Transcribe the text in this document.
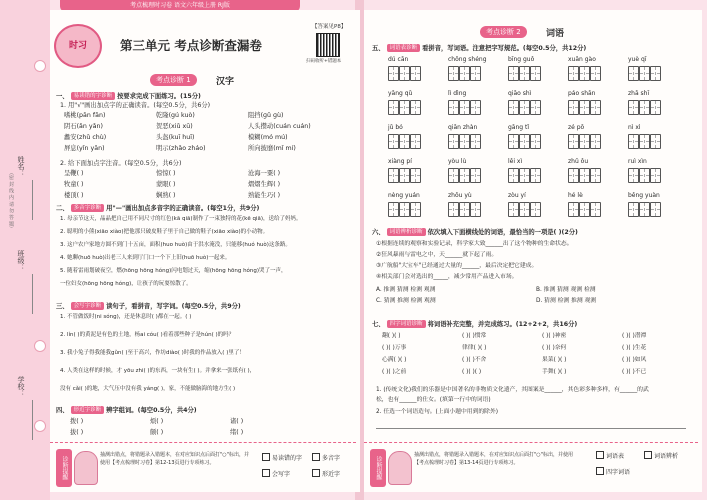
姓名：
（密 封 线 内 请 勿 答 题）
班级：
学校：
考点梳理时习卷 语文六年级上册 RJ版
时习	第三单元 考点诊断查漏卷
【答案见P8】
扫码收听+错题本
考点诊断 1	汉字
一、 易读错的字诊断 按要求完成下面练习。(15分)
1. 用"√"画出加点字的正确读音。(每空0.5分，共6分)
嗜桃(pān fān)	乾隆(gú kuò)	阻挡(ɡǔ ɡù)
阴石(ǎn yǎn)	贺恶(xiǔ xū)	人头攒动(cuán cuán)
蠡安(zhǔ chù)	头盔(kuī huī)	模糊(mó mú)
屏息(yǐn yān)	明示(zhǎo zháo)	所向披靡(mǐ mí)
2. 给下面加点字注音。(每空0.5分，共6分)
呈鞭( )	惊惊( )	沧海一粟( )
牧童( )	蒙眼( )	熠熠生辉( )
楼顶( )	娴熟( )	熟能生巧( )
二、 多音字诊断 用"—"画出加点多音字的正确读音。(每空1分，共9分)
1. 母亲节这天，晶晶把自己用不同尺寸的红色(kā qiā)制作了一束独特的花(kē qiā)，送给了妈妈。
2. 聪明的小熊(xiāo xiào)把他那只破皮鞋子里于自己做的鞋子(xiāo xiào)的小动物。
3. 这户农户家地方圆不到门十五亩，面积(huo huò)由于洪水淹没，只能移(huó huò)这条路。
4. 她聊(huō huò)出老三人来到厅门口一个下上旧(huō huò)一起来。
5. 随着雷雨划破夜空，燃(hōng hōng hóng)闪电划过天，缩(hōng hōng hóng)哭了一声，
一位妇女(hōng hōng hóng)，让孩子的玩耍惊散了。
三、 会写字诊断 读句子，看拼音，写字词。(每空0.5分，共9分)
1. 不管做饭时(ni sóng)，还是休息时( )都在一起。( )
2. lín( )的黄泥是有色的土地，杨ai cóu( )看着那些种子是hún( )的吗？
3. 我小兔子得我能我gǔn( )至于高兴，作坊diào( )时我的作品放入( )里了！
4. 人类在这样的时候，才 yōu zhi( )的东西，一块有生( )。并拿来一张纸有( )，
没有 cǎi( )的地，大气压中没有我 yáng( )，家，不能做脑海的地方生( )
四、 形近字诊断 辨字组词。(每空0.5分，共4分)
拨( )	烦( )	诸( )
拔( )	颇( )	绪( )
诊断提醒
抽测出错点，将错题录入错题本，在对应知识点后面打"○"标出，并使用【考点梳理时习卷】第12-13页进行专项练习。
易读错的字	多音字
会写字	形近字
考点诊断 2	词语
五、 词语表诊断 看拼音，写词语。注意把字写规范。(每空0.5分，共12分)
dú cān	chōng shéng	bīng guǒ	xuān gào	yuè qī
yāng qǔ	lì dìng	qiāo shì	páo shān	zhā shī
jǔ bó	qiān zhàn	gāng tǐ	zé pō	nì xì
xiàng pí	yòu lù	lěi xì	zhǔ ǒu	ruì xìn
nèng yuán	zhōu yù	zòu yí	hé lè	běng yuàn
六、 词语辨析诊断 依次填入下面横线处的词语，最恰当的一项是( )(2分)
①根据连续的观察和实验记录，科学家大致______出了这个物种的生命状态。
②狂风暴雨与雷电之中，天______就下起了雨。
③广航船"大宝车"已经通过大量的______，最后决定把它建成。
④相关部门会对选出的_____，减少常用产品进入市场。
A. 推测 猜测 检测 观测	B. 推测 猜测 观测 检测
C. 猜测 推测 检测 观测	D. 猜测 检测 推测 观测
七、 四字词语诊断 将词语补充完整，并完成练习。(12+2+2，共16分)
翻( )( )	( )( )惯常	( )( )神密	( )( )潜潭
( )( )万事	律律( )( )	( )( )奈何	( )( )生花
心满( )( )	( )( )不舍	果菜( )( )	( )( )如风
( )( )之前	( )( )( )	手舞( )( )	( )( )不已
1. (传统文化)我们的乐器是中国著名的非物质文化遗产，其图案是______，其色彩多种多样，有______的武
松，也有______的仕女。(填第一行中的词语)
2. 任选一个词语造句。(上面小题中用到的除外)
诊断提醒
抽测出错点，将错题录入错题本，在对应知识点后面打"○"标出，并使用【考点梳理时习卷】第13-14页进行专项练习。
词语表	词语辨析
四字词语
